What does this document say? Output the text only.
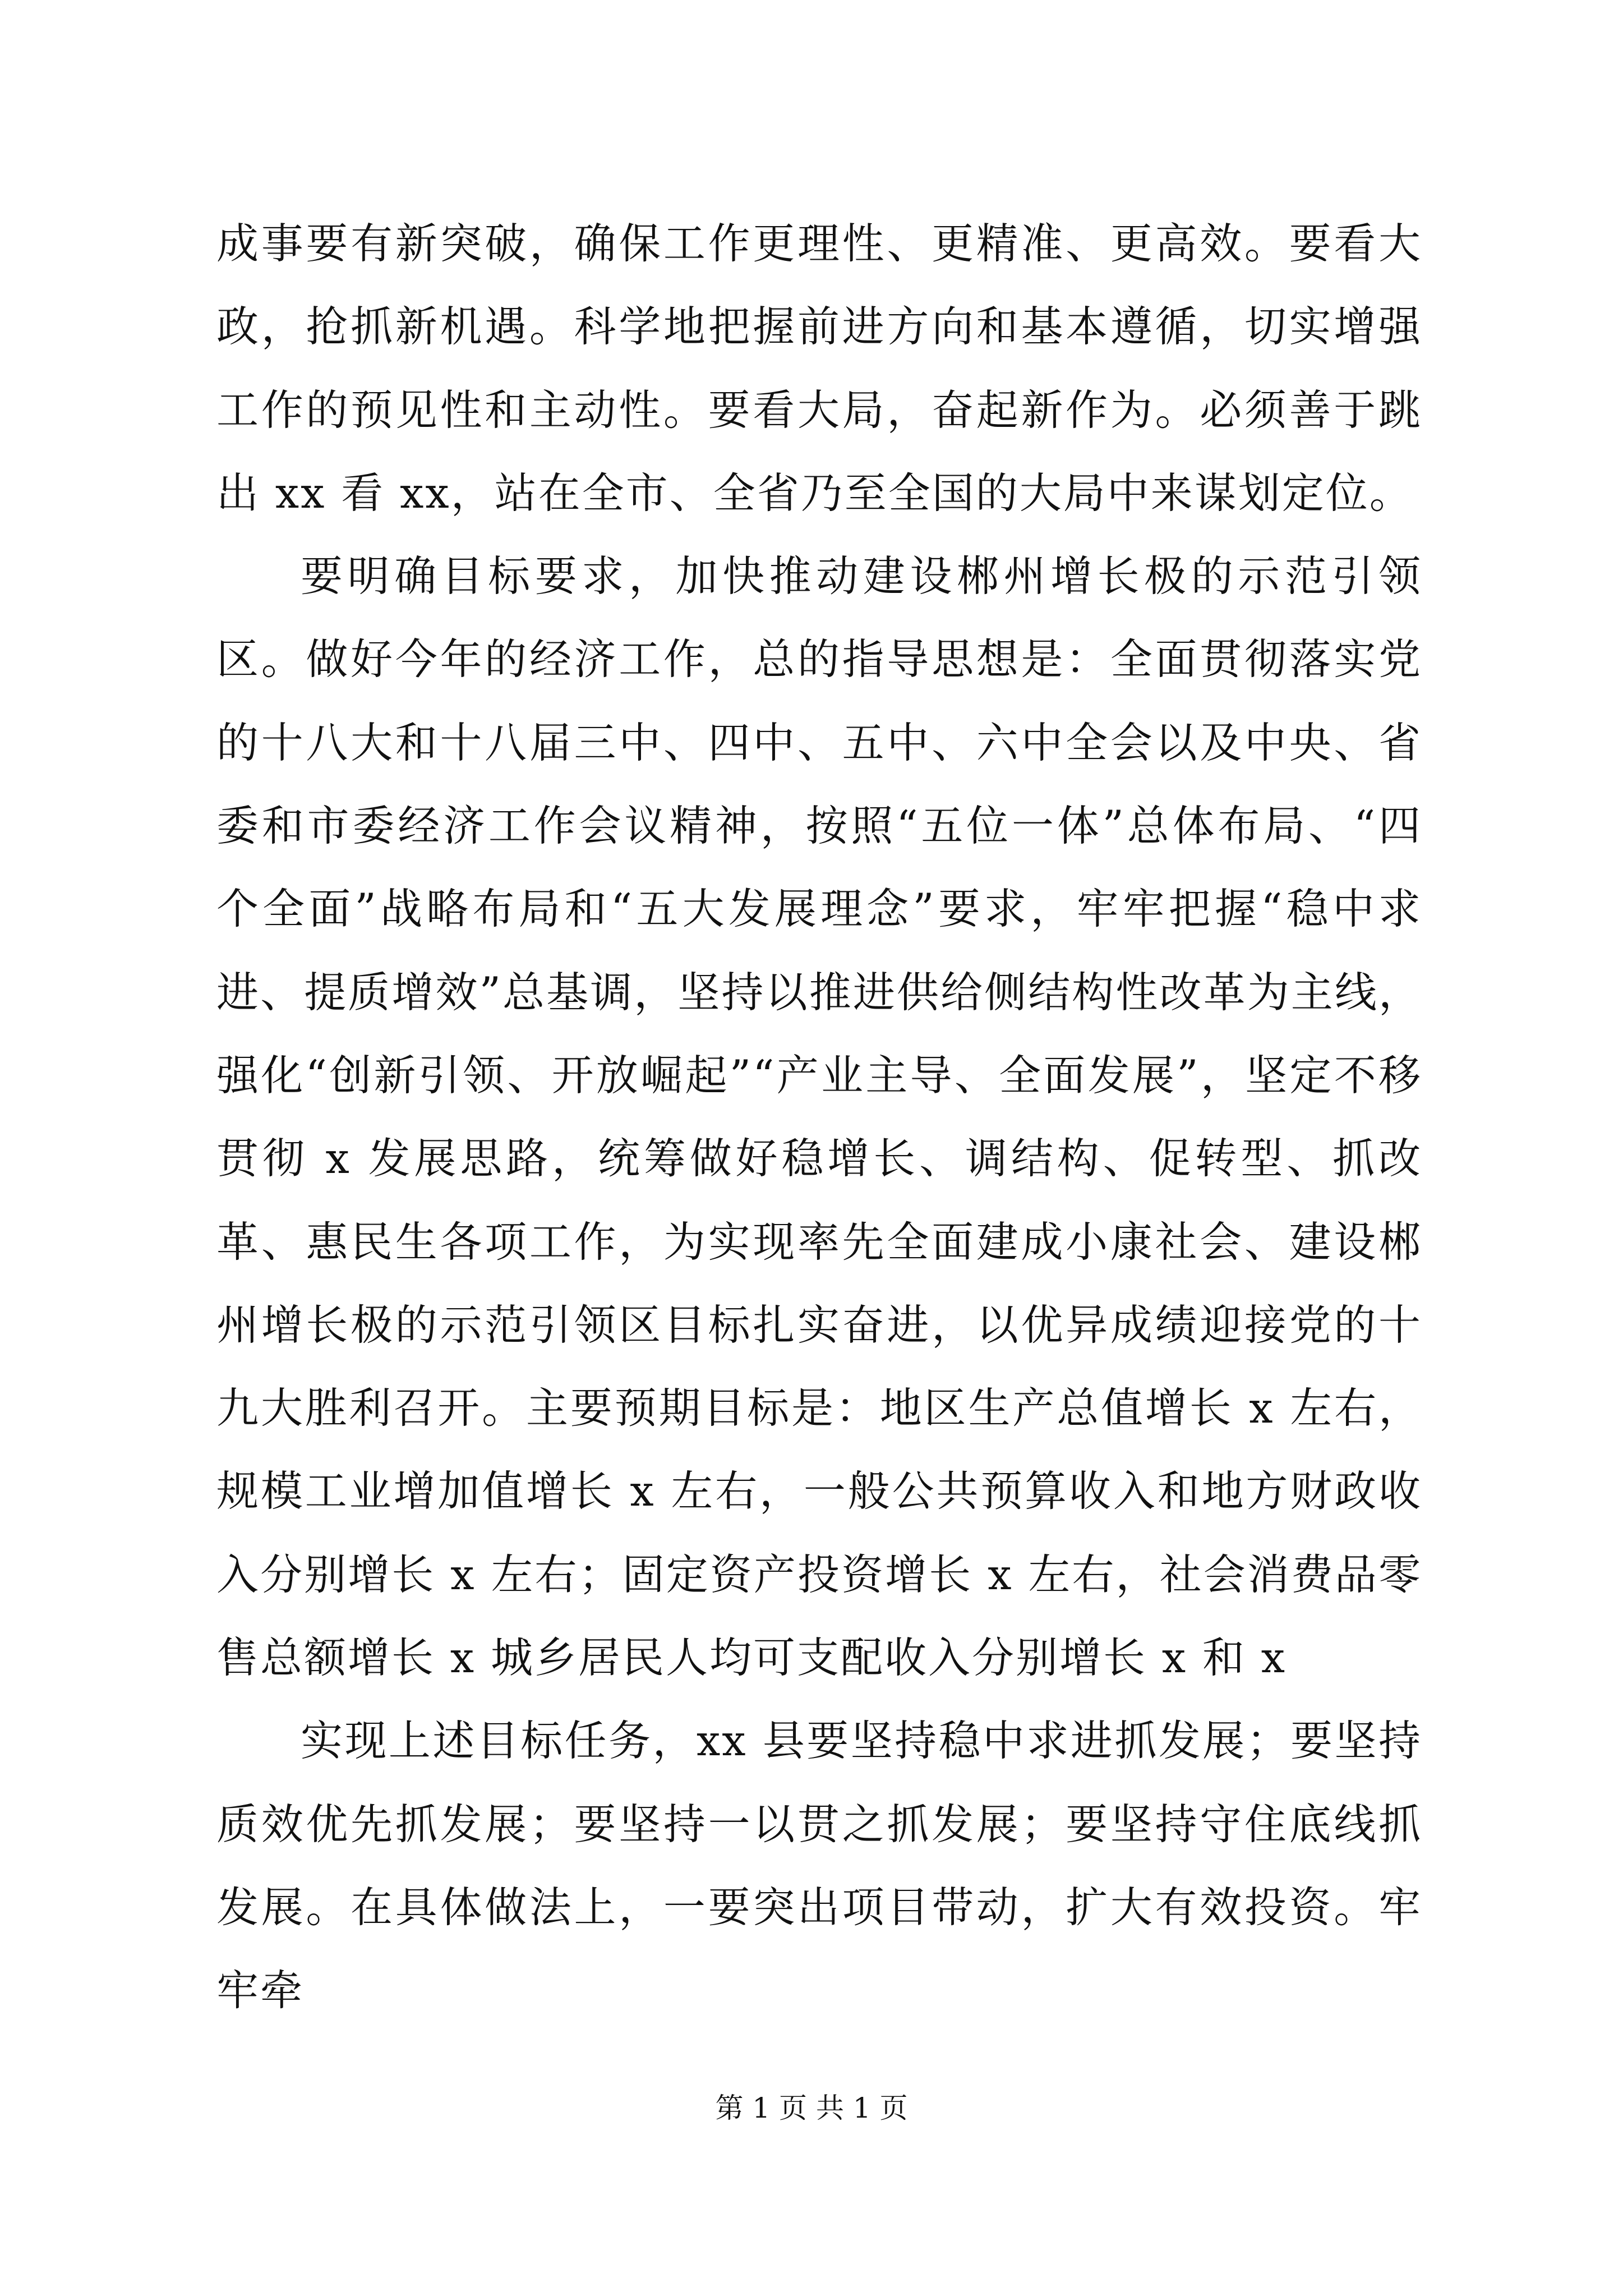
成事要有新突破，确保工作更理性、更精准、更高效。要看大政，抢抓新机遇。科学地把握前进方向和基本遵循，切实增强工作的预见性和主动性。要看大局，奋起新作为。必须善于跳出 xx 看 xx，站在全市、全省乃至全国的大局中来谋划定位。

要明确目标要求，加快推动建设郴州增长极的示范引领区。做好今年的经济工作，总的指导思想是：全面贯彻落实党的十八大和十八届三中、四中、五中、六中全会以及中央、省委和市委经济工作会议精神，按照“五位一体”总体布局、“四个全面”战略布局和“五大发展理念”要求，牢牢把握“稳中求进、提质增效”总基调，坚持以推进供给侧结构性改革为主线，强化“创新引领、开放崛起”“产业主导、全面发展”，坚定不移贯彻 x 发展思路，统筹做好稳增长、调结构、促转型、抓改革、惠民生各项工作，为实现率先全面建成小康社会、建设郴州增长极的示范引领区目标扎实奋进，以优异成绩迎接党的十九大胜利召开。主要预期目标是：地区生产总值增长 x 左右，规模工业增加值增长 x 左右，一般公共预算收入和地方财政收入分别增长 x 左右；固定资产投资增长 x 左右，社会消费品零售总额增长 x 城乡居民人均可支配收入分别增长 x 和 x

实现上述目标任务，xx 县要坚持稳中求进抓发展；要坚持质效优先抓发展；要坚持一以贯之抓发展；要坚持守住底线抓发展。在具体做法上，一要突出项目带动，扩大有效投资。牢牢牵

第 1 页 共 1 页
